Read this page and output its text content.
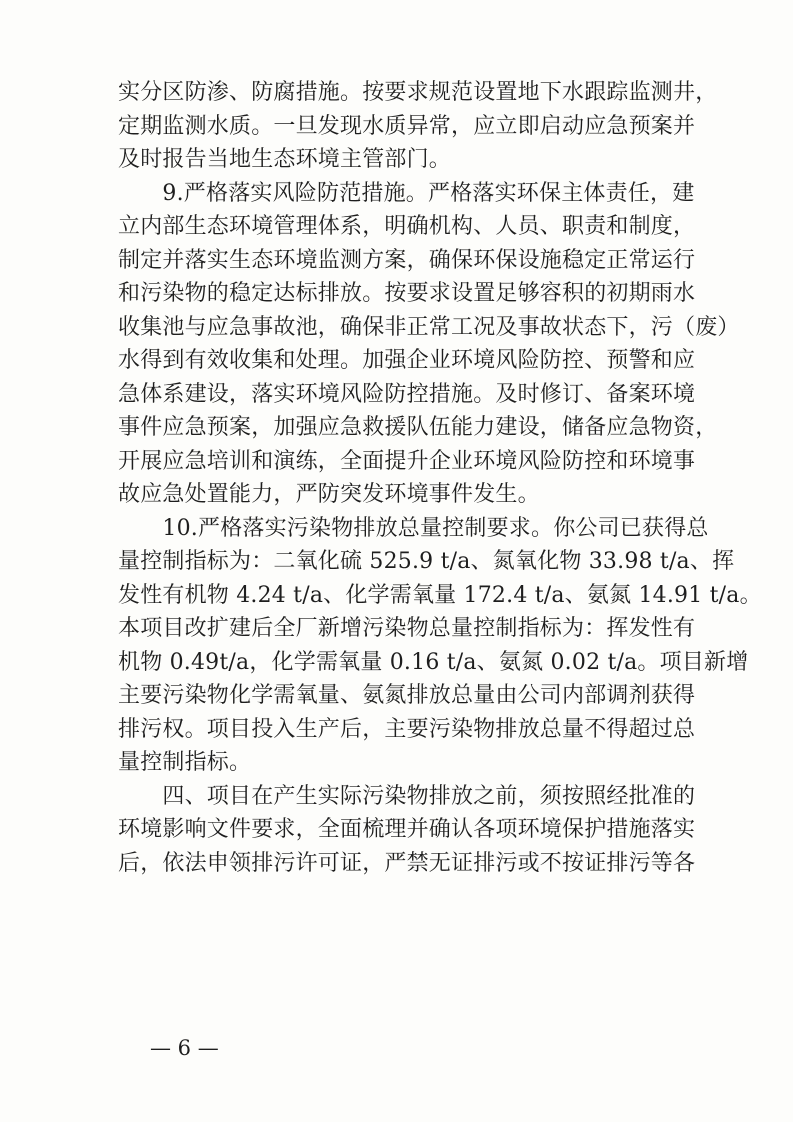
实分区防渗、防腐措施。按要求规范设置地下水跟踪监测井，
定期监测水质。一旦发现水质异常，应立即启动应急预案并
及时报告当地生态环境主管部门。
　　9.严格落实风险防范措施。严格落实环保主体责任，建
立内部生态环境管理体系，明确机构、人员、职责和制度，
制定并落实生态环境监测方案，确保环保设施稳定正常运行
和污染物的稳定达标排放。按要求设置足够容积的初期雨水
收集池与应急事故池，确保非正常工况及事故状态下，污（废）
水得到有效收集和处理。加强企业环境风险防控、预警和应
急体系建设，落实环境风险防控措施。及时修订、备案环境
事件应急预案，加强应急救援队伍能力建设，储备应急物资，
开展应急培训和演练，全面提升企业环境风险防控和环境事
故应急处置能力，严防突发环境事件发生。
　　10.严格落实污染物排放总量控制要求。你公司已获得总
量控制指标为：二氧化硫 525.9 t/a、氮氧化物 33.98 t/a、挥
发性有机物 4.24 t/a、化学需氧量 172.4 t/a、氨氮 14.91 t/a。
本项目改扩建后全厂新增污染物总量控制指标为：挥发性有
机物 0.49t/a，化学需氧量 0.16 t/a、氨氮 0.02 t/a。项目新增
主要污染物化学需氧量、氨氮排放总量由公司内部调剂获得
排污权。项目投入生产后，主要污染物排放总量不得超过总
量控制指标。
　　四、项目在产生实际污染物排放之前，须按照经批准的
环境影响文件要求，全面梳理并确认各项环境保护措施落实
后，依法申领排污许可证，严禁无证排污或不按证排污等各
— 6 —
